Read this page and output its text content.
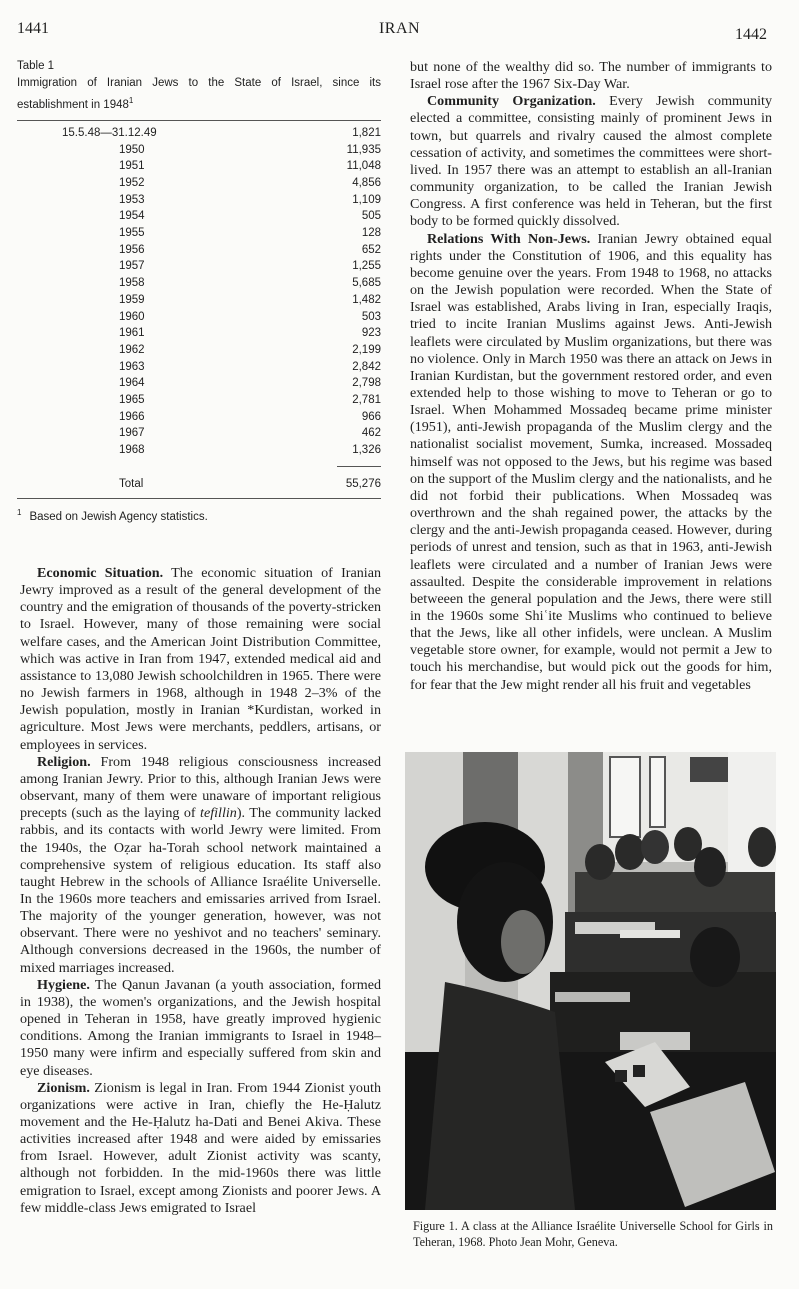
1441	IRAN	1442
Table 1
Immigration of Iranian Jews to the State of Israel, since its establishment in 1948$^1$
15.5.48—31.12.49	1,821
1950	11,935
1951	11,048
1952	4,856
1953	1,109
1954	505
1955	128
1956	652
1957	1,255
1958	5,685
1959	1,482
1960	503
1961	923
1962	2,199
1963	2,842
1964	2,798
1965	2,781
1966	966
1967	462
1968	1,326

Total	55,276
$^1$ Based on Jewish Agency statistics.

Economic Situation. The economic situation of Iranian Jewry improved as a result of the general development of the country and the emigration of thousands of the poverty-stricken to Israel. However, many of those remaining were social welfare cases, and the American Joint Distribution Committee, which was active in Iran from 1947, extended medical aid and assistance to 13,080 Jewish schoolchildren in 1965. There were no Jewish farmers in 1968, although in 1948 2–3% of the Jewish population, mostly in Iranian *Kurdistan, worked in agriculture. Most Jews were merchants, peddlers, artisans, or employees in services.

Religion. From 1948 religious consciousness increased among Iranian Jewry. Prior to this, although Iranian Jews were observant, many of them were unaware of important religious precepts (such as the laying of tefillin). The community lacked rabbis, and its contacts with world Jewry were limited. From the 1940s, the Oẓar ha-Torah school network maintained a comprehensive system of religious education. Its staff also taught Hebrew in the schools of Alliance Israélite Universelle. In the 1960s more teachers and emissaries arrived from Israel. The majority of the younger generation, however, was not observant. There were no yeshivot and no teachers' seminary. Although conversions decreased in the 1960s, the number of mixed marriages increased.

Hygiene. The Qanun Javanan (a youth association, formed in 1938), the women's organizations, and the Jewish hospital opened in Teheran in 1958, have greatly improved hygienic conditions. Among the Iranian immigrants to Israel in 1948–1950 many were infirm and especially suffered from skin and eye diseases.

Zionism. Zionism is legal in Iran. From 1944 Zionist youth organizations were active in Iran, chiefly the He-Ḥalutz movement and the He-Ḥalutz ha-Dati and Benei Akiva. These activities increased after 1948 and were aided by emissaries from Israel. However, adult Zionist activity was scanty, although not forbidden. In the mid-1960s there was little emigration to Israel, except among Zionists and poorer Jews. A few middle-class Jews emigrated to Israel

but none of the wealthy did so. The number of immigrants to Israel rose after the 1967 Six-Day War.

Community Organization. Every Jewish community elected a committee, consisting mainly of prominent Jews in town, but quarrels and rivalry caused the almost complete cessation of activity, and sometimes the committees were short-lived. In 1957 there was an attempt to establish an all-Iranian community organization, to be called the Iranian Jewish Congress. A first conference was held in Teheran, but the first body to be formed quickly dissolved.

Relations With Non-Jews. Iranian Jewry obtained equal rights under the Constitution of 1906, and this equality has become genuine over the years. From 1948 to 1968, no attacks on the Jewish population were recorded. When the State of Israel was established, Arabs living in Iran, especially Iraqis, tried to incite Iranian Muslims against Jews. Anti-Jewish leaflets were circulated by Muslim organizations, but there was no violence. Only in March 1950 was there an attack on Jews in Iranian Kurdistan, but the government restored order, and even extended help to those wishing to move to Teheran or go to Israel. When Mohammed Mossadeq became prime minister (1951), anti-Jewish propaganda of the Muslim clergy and the nationalist socialist movement, Sumka, increased. Mossadeq himself was not opposed to the Jews, but his regime was based on the support of the Muslim clergy and the nationalists, and he did not forbid their publications. When Mossadeq was overthrown and the shah regained power, the attacks by the clergy and the anti-Jewish propaganda ceased. However, during periods of unrest and tension, such as that in 1963, anti-Jewish leaflets were circulated and a number of Iranian Jews were assaulted. Despite the considerable improvement in relations betweeen the general population and the Jews, there were still in the 1960s some Shiʿite Muslims who continued to believe that the Jews, like all other infidels, were unclean. A Muslim vegetable store owner, for example, would not permit a Jew to touch his merchandise, but would pick out the goods for him, for fear that the Jew might render all his fruit and vegetables

Figure 1. A class at the Alliance Israélite Universelle School for Girls in Teheran, 1968. Photo Jean Mohr, Geneva.
